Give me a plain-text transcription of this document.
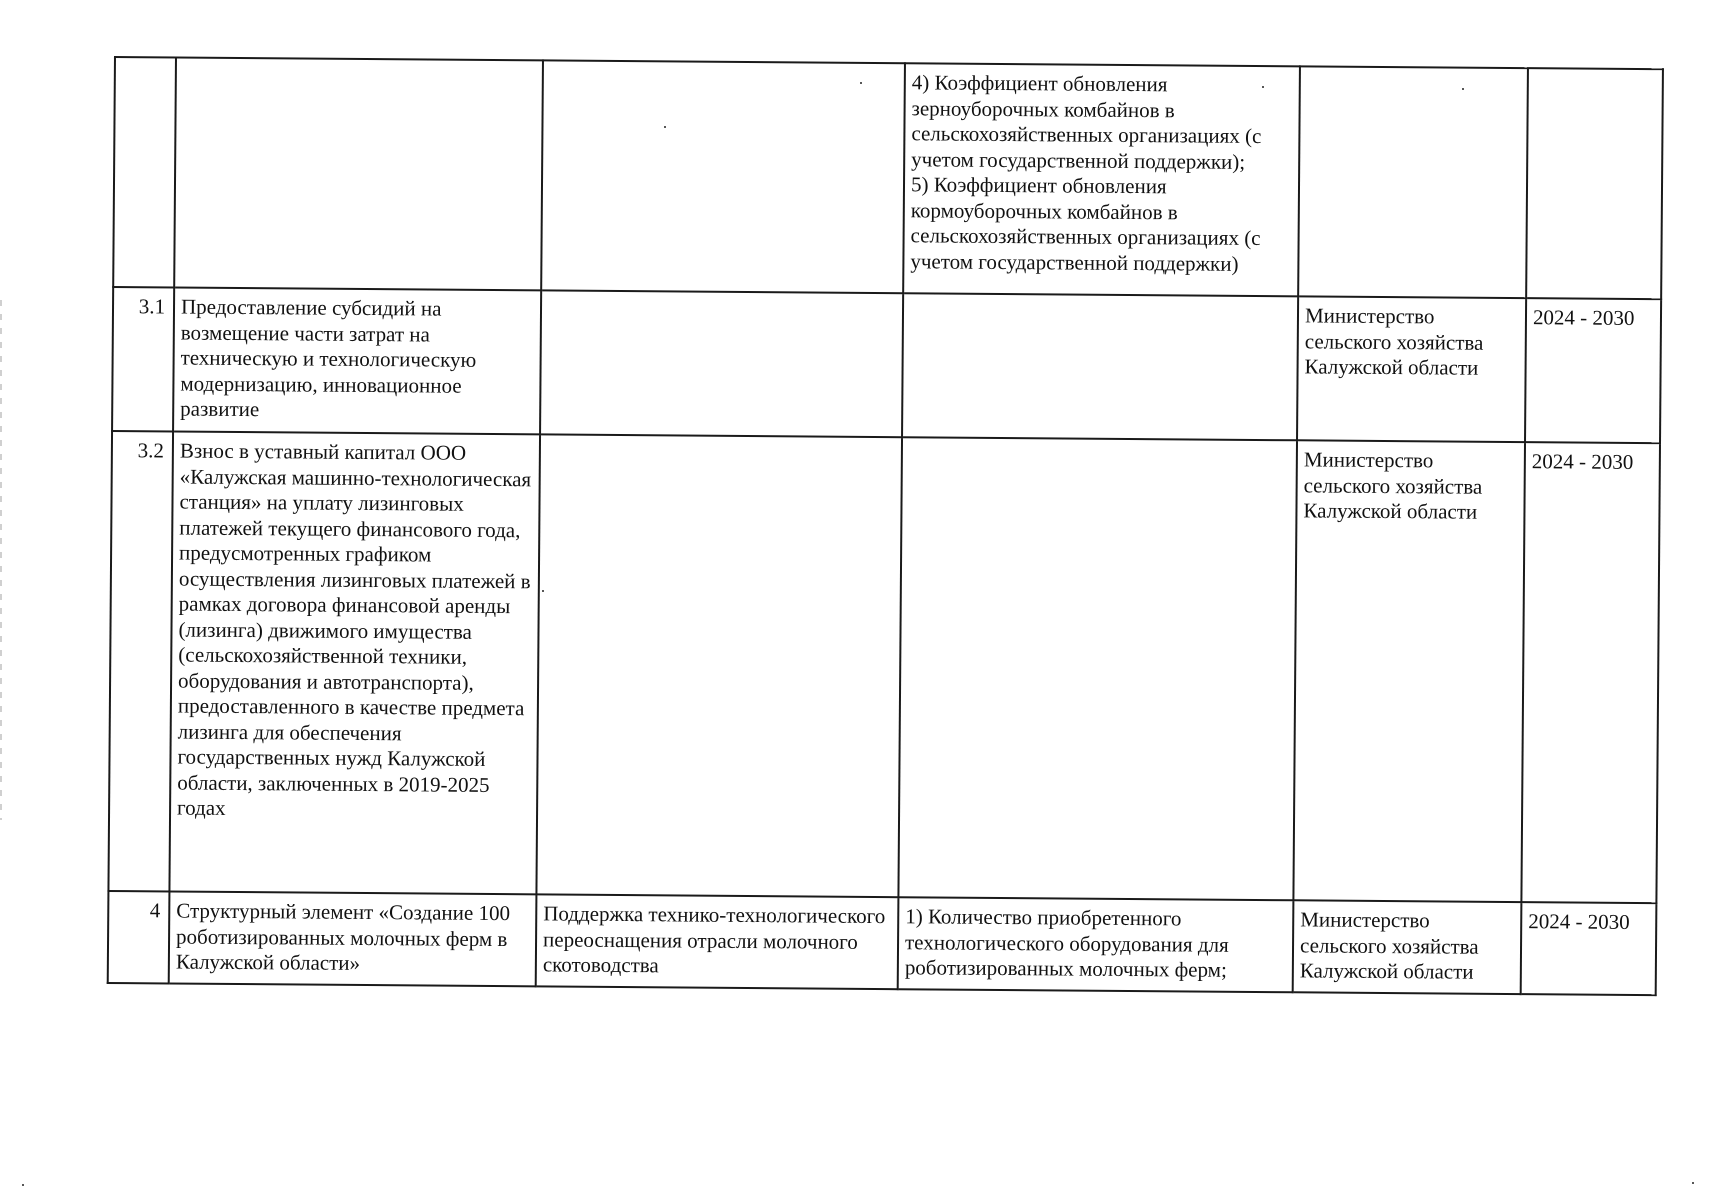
			4) Коэффициент обновления зерноуборочных комбайнов в сельскохозяйственных организациях (с учетом государственной поддержки);
5) Коэффициент обновления кормоуборочных комбайнов в сельскохозяйственных организациях (с учетом государственной поддержки)		
3.1	Предоставление субсидий на возмещение части затрат на техническую и технологическую модернизацию, инновационное развитие			Министерство сельского хозяйства Калужской области	2024 - 2030
3.2	Взнос в уставный капитал ООО «Калужская машинно-технологическая станция» на уплату лизинговых платежей текущего финансового года, предусмотренных графиком осуществления лизинговых платежей в рамках договора финансовой аренды (лизинга) движимого имущества (сельскохозяйственной техники, оборудования и автотранспорта), предоставленного в качестве предмета лизинга для обеспечения государственных нужд Калужской области, заключенных в 2019-2025 годах			Министерство сельского хозяйства Калужской области	2024 - 2030
4	Структурный элемент «Создание 100 роботизированных молочных ферм в Калужской области»	Поддержка технико-технологического переоснащения отрасли молочного скотоводства	1) Количество приобретенного технологического оборудования для роботизированных молочных ферм;	Министерство сельского хозяйства Калужской области	2024 - 2030
